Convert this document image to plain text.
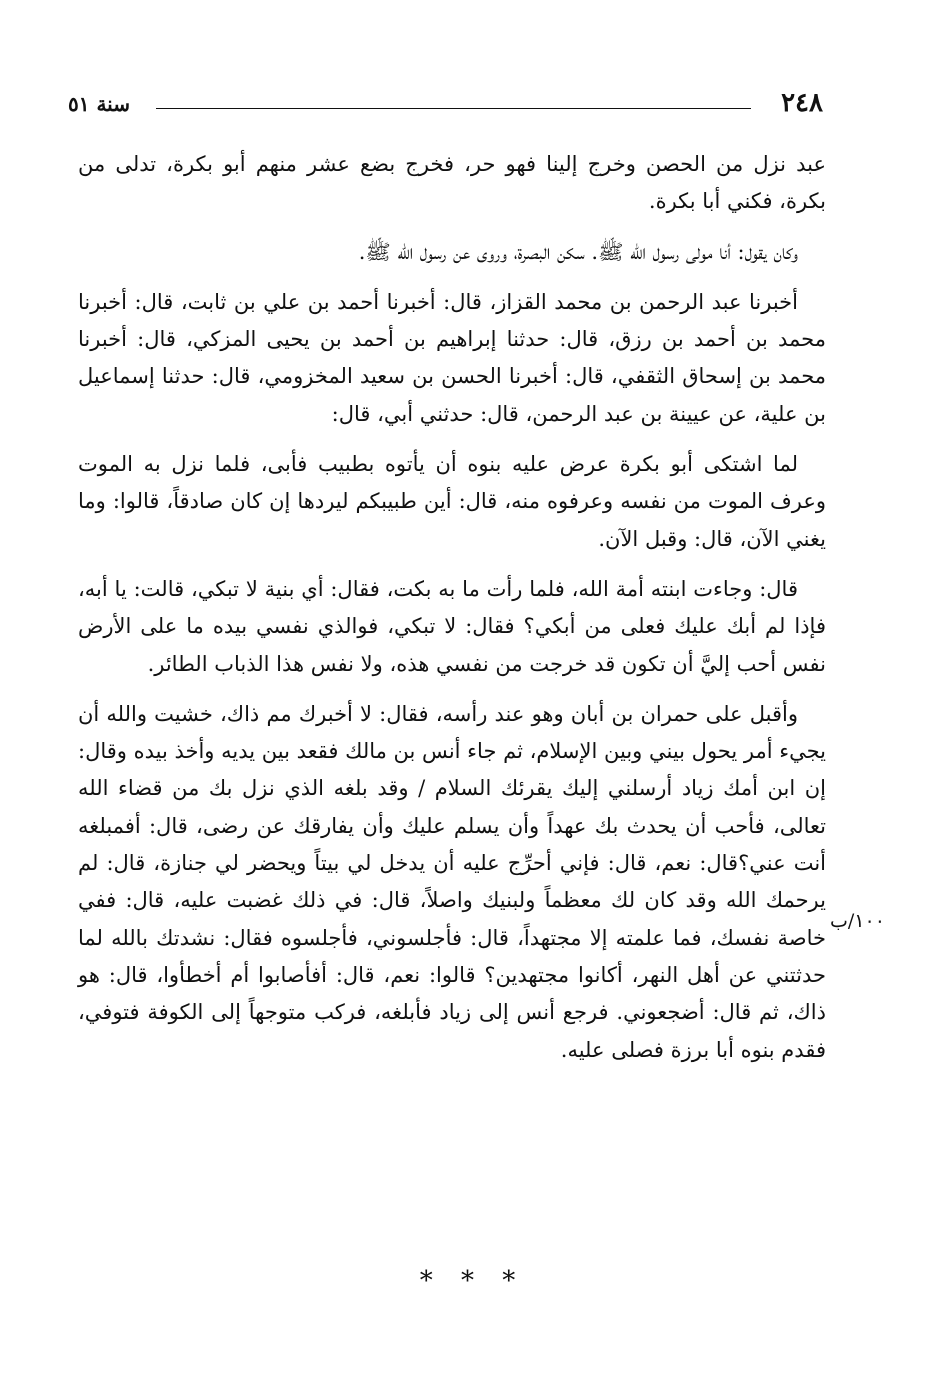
٢٤٨
سنة ٥١

عبد نزل من الحصن وخرج إلينا فهو حر، فخرج بضع عشر منهم أبو بكرة، تدلى من بكرة، فكني أبا بكرة.

وكان يقول: أنا مولى رسول الله ﷺ. سكن البصرة، وروى عن رسول الله ﷺ.

أخبرنا عبد الرحمن بن محمد القزاز، قال: أخبرنا أحمد بن علي بن ثابت، قال: أخبرنا محمد بن أحمد بن رزق، قال: حدثنا إبراهيم بن أحمد بن يحيى المزكي، قال: أخبرنا محمد بن إسحاق الثقفي، قال: أخبرنا الحسن بن سعيد المخزومي، قال: حدثنا إسماعيل بن علية، عن عيينة بن عبد الرحمن، قال: حدثني أبي، قال:

لما اشتكى أبو بكرة عرض عليه بنوه أن يأتوه بطبيب فأبى، فلما نزل به الموت وعرف الموت من نفسه وعرفوه منه، قال: أين طبيبكم ليردها إن كان صادقاً، قالوا: وما يغني الآن، قال: وقبل الآن.

قال: وجاءت ابنته أمة الله، فلما رأت ما به بكت، فقال: أي بنية لا تبكي، قالت: يا أبه، فإذا لم أبك عليك فعلى من أبكي؟ فقال: لا تبكي، فوالذي نفسي بيده ما على الأرض نفس أحب إليَّ أن تكون قد خرجت من نفسي هذه، ولا نفس هذا الذباب الطائر.

وأقبل على حمران بن أبان وهو عند رأسه، فقال: لا أخبرك مم ذاك، خشيت والله أن يجيء أمر يحول بيني وبين الإسلام، ثم جاء أنس بن مالك فقعد بين يديه وأخذ بيده وقال: إن ابن أمك زياد أرسلني إليك يقرئك السلام / وقد بلغه الذي نزل بك من قضاء الله تعالى، فأحب أن يحدث بك عهداً وأن يسلم عليك وأن يفارقك عن رضى، قال: أفمبلغه أنت عني؟قال: نعم، قال: فإني أحرِّج عليه أن يدخل لي بيتاً ويحضر لي جنازة، قال: لم يرحمك الله وقد كان لك معظماً ولبنيك واصلاً، قال: في ذلك غضبت عليه، قال: ففي خاصة نفسك، فما علمته إلا مجتهداً، قال: فأجلسوني، فأجلسوه فقال: نشدتك بالله لما حدثتني عن أهل النهر، أكانوا مجتهدين؟ قالوا: نعم، قال: أفأصابوا أم أخطأوا، قال: هو ذاك، ثم قال: أضجعوني. فرجع أنس إلى زياد فأبلغه، فركب متوجهاً إلى الكوفة فتوفي، فقدم بنوه أبا برزة فصلى عليه.

١٠٠/ب
* * *
